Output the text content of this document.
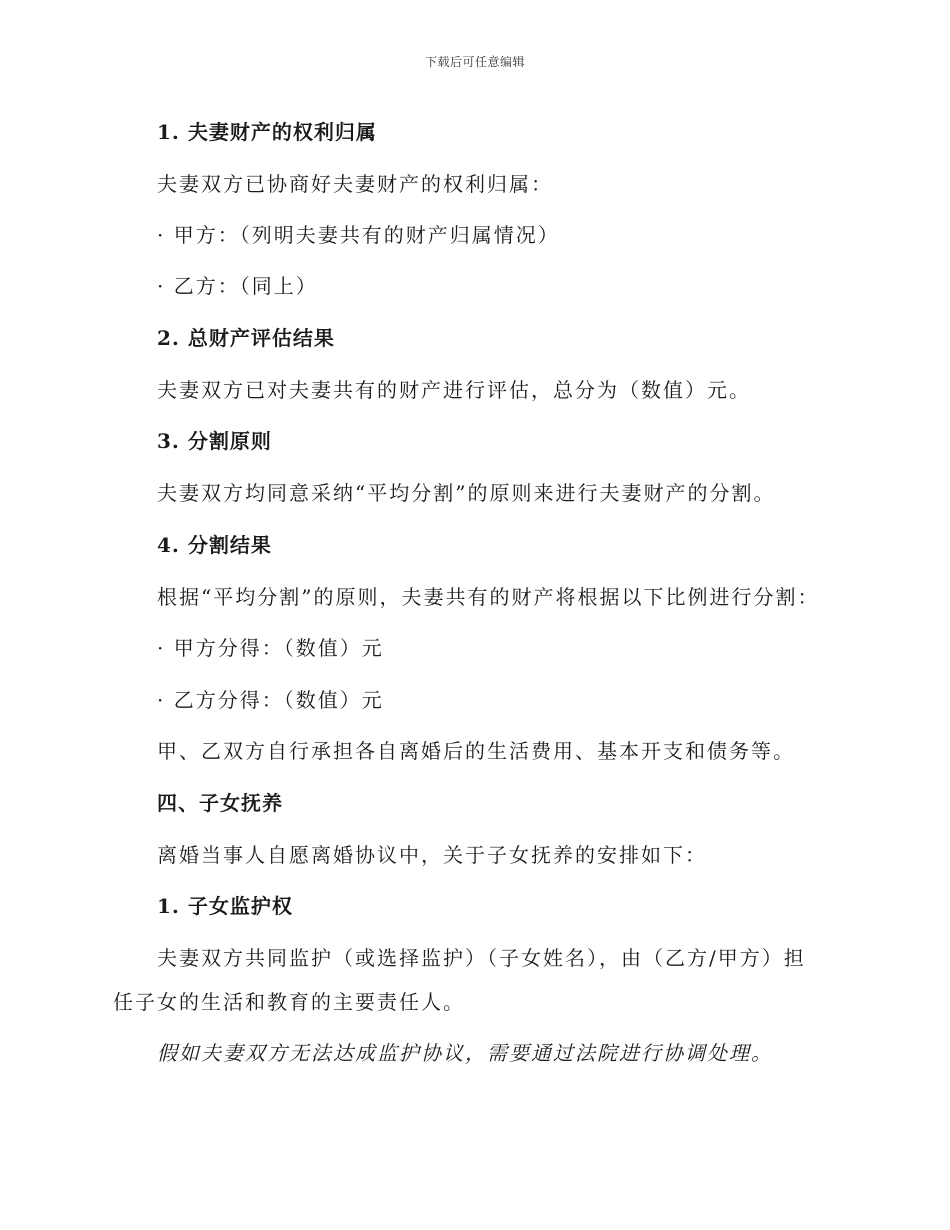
下载后可任意编辑
1. 夫妻财产的权利归属
夫妻双方已协商好夫妻财产的权利归属：
· 甲方：（列明夫妻共有的财产归属情况）
· 乙方：（同上）
2. 总财产评估结果
夫妻双方已对夫妻共有的财产进行评估，总分为（数值）元。
3. 分割原则
夫妻双方均同意采纳“平均分割”的原则来进行夫妻财产的分割。
4. 分割结果
根据“平均分割”的原则，夫妻共有的财产将根据以下比例进行分割：
· 甲方分得：（数值）元
· 乙方分得：（数值）元
甲、乙双方自行承担各自离婚后的生活费用、基本开支和债务等。
四、子女抚养
离婚当事人自愿离婚协议中，关于子女抚养的安排如下：
1. 子女监护权
夫妻双方共同监护（或选择监护）（子女姓名），由（乙方/甲方）担
任子女的生活和教育的主要责任人。
假如夫妻双方无法达成监护协议，需要通过法院进行协调处理。
